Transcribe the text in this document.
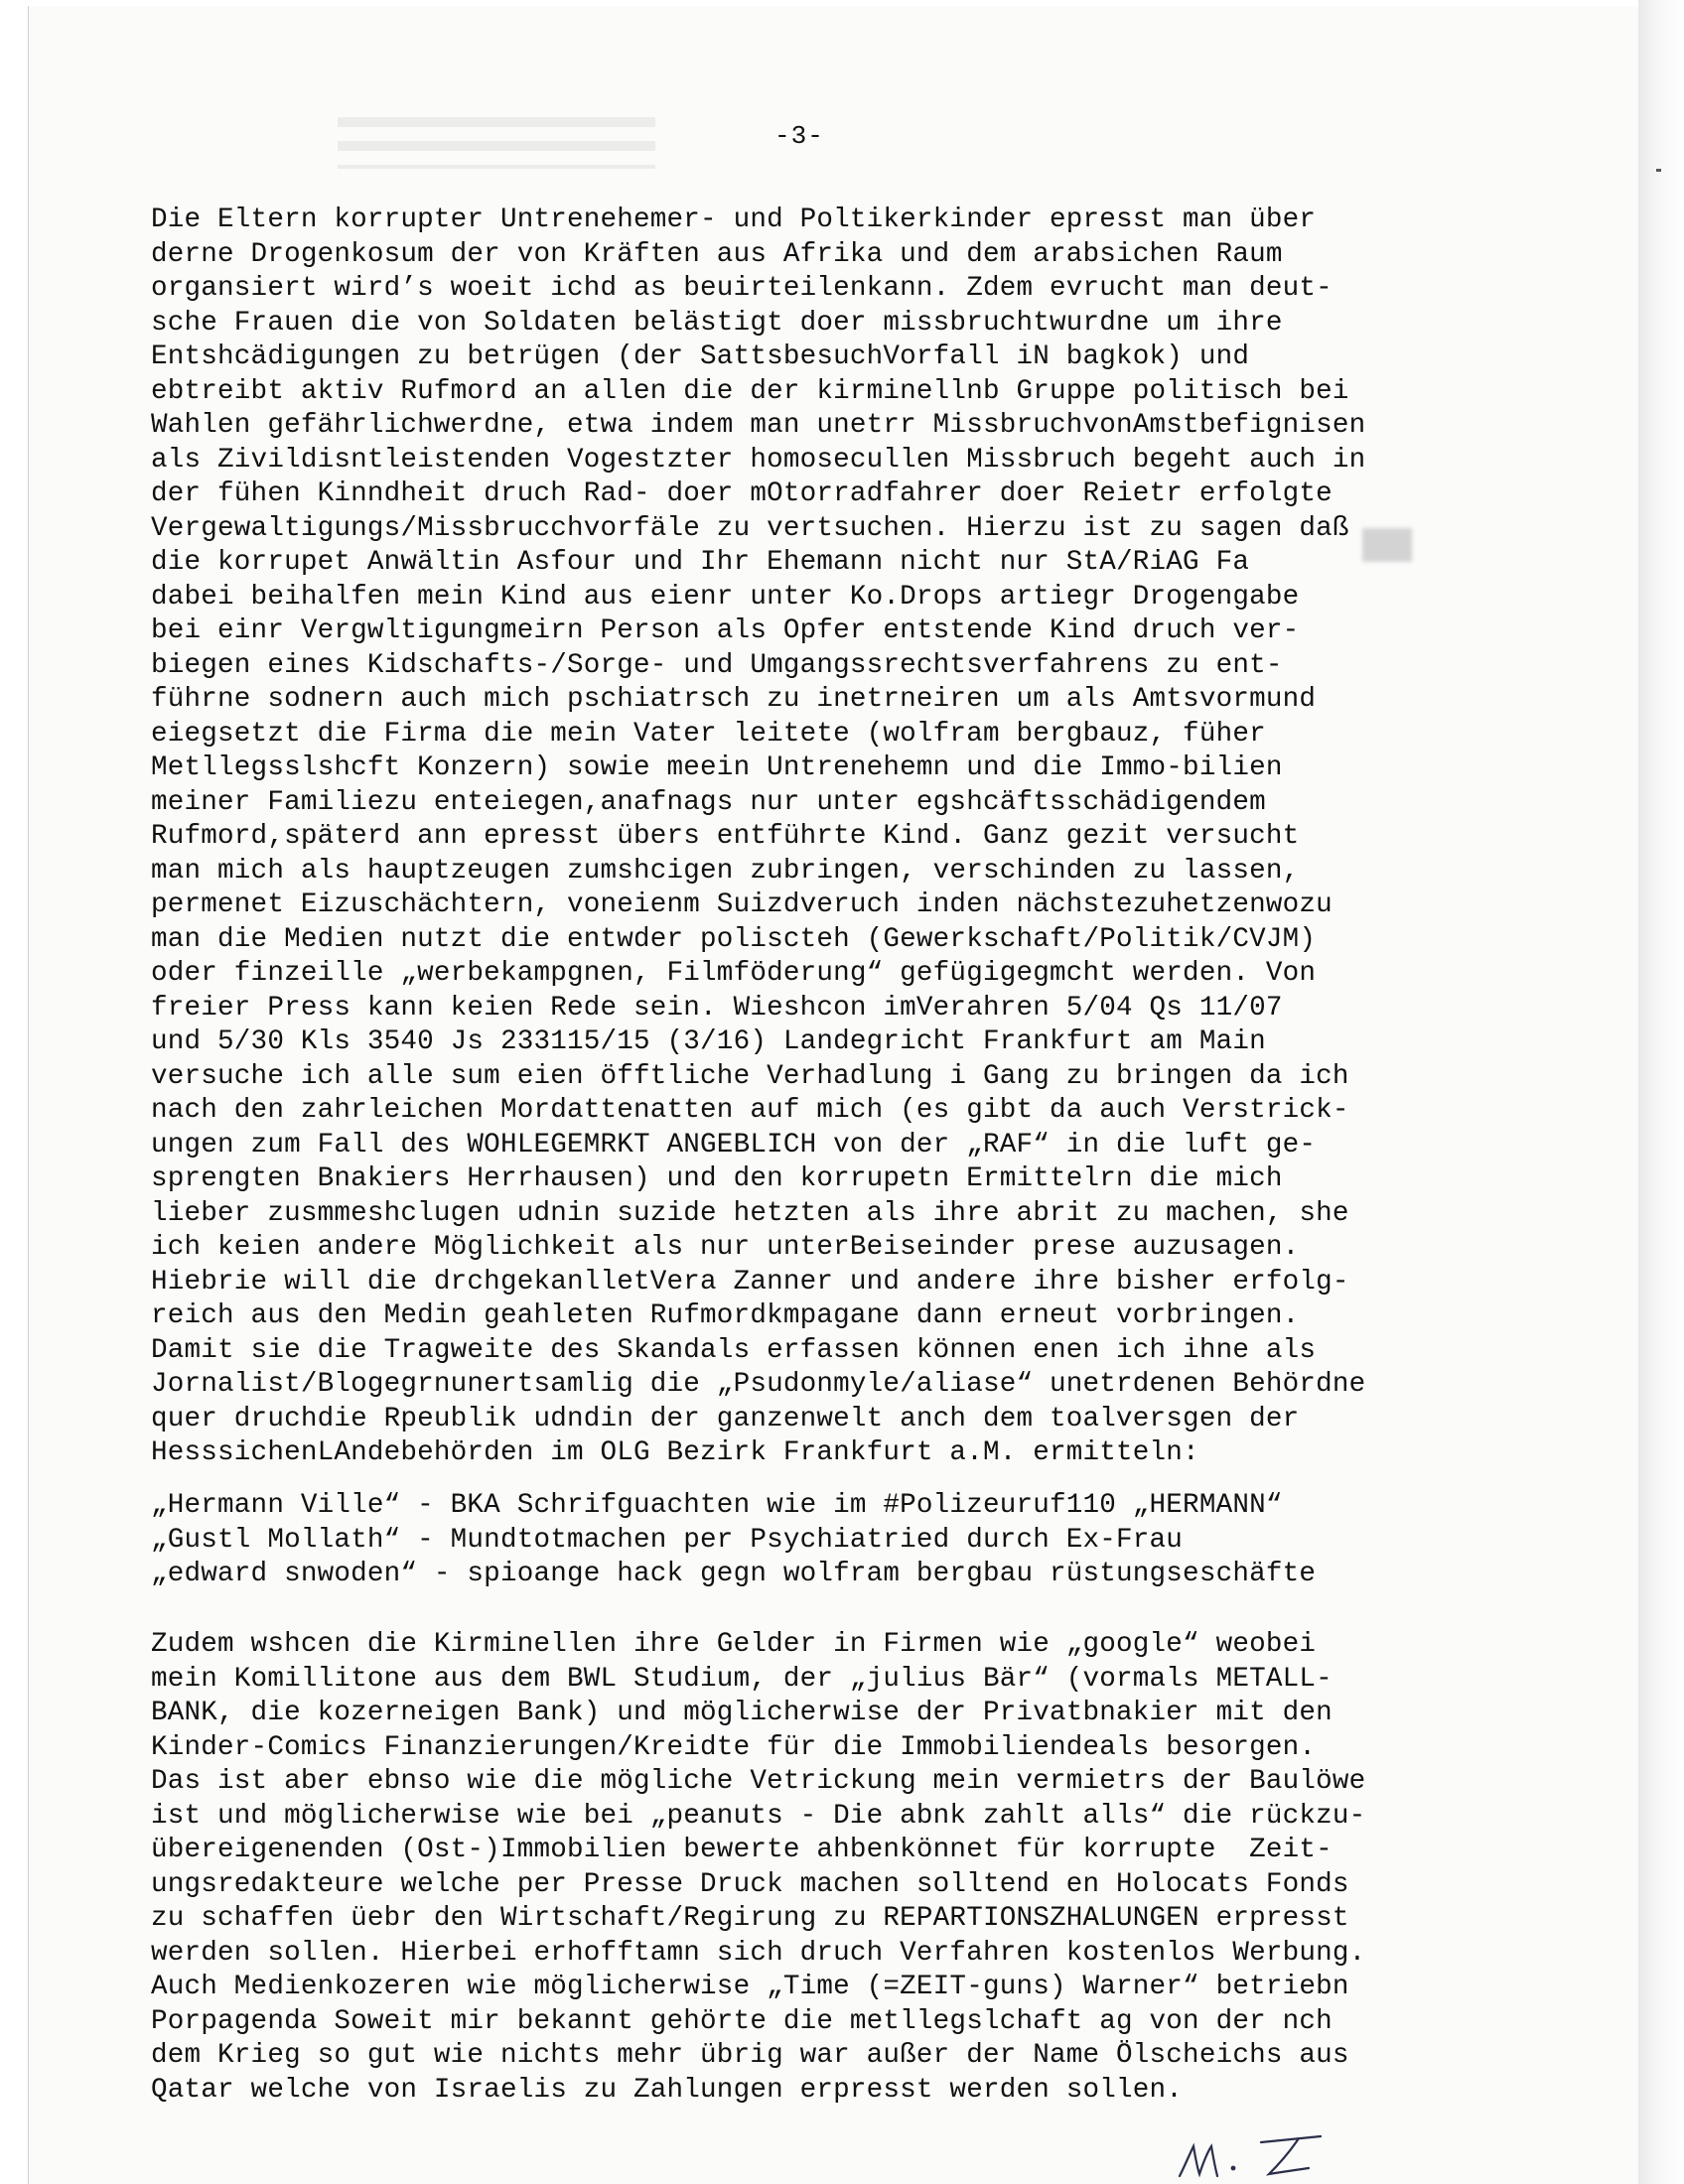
-3-
Die Eltern korrupter Untrenehemer- und Poltikerkinder epresst man über
derne Drogenkosum der von Kräften aus Afrika und dem arabsichen Raum
organsiert wird’s woeit ichd as beuirteilenkann. Zdem evrucht man deut-
sche Frauen die von Soldaten belästigt doer missbruchtwurdne um ihre
Entshcädigungen zu betrügen (der SattsbesuchVorfall iN bagkok) und
ebtreibt aktiv Rufmord an allen die der kirminellnb Gruppe politisch bei
Wahlen gefährlichwerdne, etwa indem man unetrr MissbruchvonAmstbefignisen
als Zivildisntleistenden Vogestzter homosecullen Missbruch begeht auch in
der fühen Kinndheit druch Rad- doer mOtorradfahrer doer Reietr erfolgte
Vergewaltigungs/Missbrucchvorfäle zu vertsuchen. Hierzu ist zu sagen daß
die korrupet Anwältin Asfour und Ihr Ehemann nicht nur StA/RiAG Fa
dabei beihalfen mein Kind aus eienr unter Ko.Drops artiegr Drogengabe
bei einr Vergwltigungmeirn Person als Opfer entstende Kind druch ver-
biegen eines Kidschafts-/Sorge- und Umgangssrechtsverfahrens zu ent-
führne sodnern auch mich pschiatrsch zu inetrneiren um als Amtsvormund
eiegsetzt die Firma die mein Vater leitete (wolfram bergbauz, füher
Metllegsslshcft Konzern) sowie meein Untrenehemn und die Immo-bilien
meiner Familiezu enteiegen,anafnags nur unter egshcäftsschädigendem
Rufmord,späterd ann epresst übers entführte Kind. Ganz gezit versucht
man mich als hauptzeugen zumshcigen zubringen, verschinden zu lassen,
permenet Eizuschächtern, voneienm Suizdveruch inden nächstezuhetzenwozu
man die Medien nutzt die entwder poliscteh (Gewerkschaft/Politik/CVJM)
oder finzeille „werbekampgnen, Filmföderung“ gefügigegmcht werden. Von
freier Press kann keien Rede sein. Wieshcon imVerahren 5/04 Qs 11/07
und 5/30 Kls 3540 Js 233115/15 (3/16) Landegricht Frankfurt am Main
versuche ich alle sum eien öfftliche Verhadlung i Gang zu bringen da ich
nach den zahrleichen Mordattenatten auf mich (es gibt da auch Verstrick-
ungen zum Fall des WOHLEGEMRKT ANGEBLICH von der „RAF“ in die luft ge-
sprengten Bnakiers Herrhausen) und den korrupetn Ermittelrn die mich
lieber zusmmeshclugen udnin suzide hetzten als ihre abrit zu machen, she
ich keien andere Möglichkeit als nur unterBeiseinder prese auzusagen.
Hiebrie will die drchgekanlletVera Zanner und andere ihre bisher erfolg-
reich aus den Medin geahleten Rufmordkmpagane dann erneut vorbringen.
Damit sie die Tragweite des Skandals erfassen können enen ich ihne als
Jornalist/Blogegrnunertsamlig die „Psudonmyle/aliase“ unetrdenen Behördne
quer druchdie Rpeublik udndin der ganzenwelt anch dem toalversgen der
HesssichenLAndebehörden im OLG Bezirk Frankfurt a.M. ermitteln:
„Hermann Ville“ - BKA Schrifguachten wie im #Polizeuruf110 „HERMANN“
„Gustl Mollath“ - Mundtotmachen per Psychiatried durch Ex-Frau
„edward snwoden“ - spioange hack gegn wolfram bergbau rüstungseschäfte
Zudem wshcen die Kirminellen ihre Gelder in Firmen wie „google“ weobei
mein Komillitone aus dem BWL Studium, der „julius Bär“ (vormals METALL-
BANK, die kozerneigen Bank) und möglicherwise der Privatbnakier mit den
Kinder-Comics Finanzierungen/Kreidte für die Immobiliendeals besorgen.
Das ist aber ebnso wie die mögliche Vetrickung mein vermietrs der Baulöwe
ist und möglicherwise wie bei „peanuts - Die abnk zahlt alls“ die rückzu-
übereigenenden (Ost-)Immobilien bewerte ahbenkönnet für korrupte  Zeit-
ungsredakteure welche per Presse Druck machen solltend en Holocats Fonds
zu schaffen üebr den Wirtschaft/Regirung zu REPARTIONSZHALUNGEN erpresst
werden sollen. Hierbei erhofftamn sich druch Verfahren kostenlos Werbung.
Auch Medienkozeren wie möglicherwise „Time (=ZEIT-guns) Warner“ betriebn
Porpagenda Soweit mir bekannt gehörte die metllegslchaft ag von der nch
dem Krieg so gut wie nichts mehr übrig war außer der Name Ölscheichs aus
Qatar welche von Israelis zu Zahlungen erpresst werden sollen.
